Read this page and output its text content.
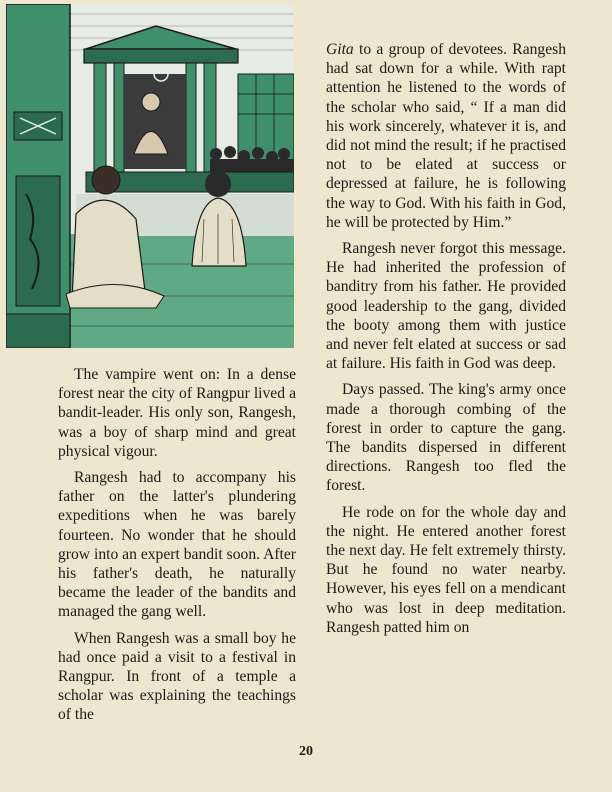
The vampire went on: In a dense forest near the city of Rangpur lived a bandit-leader. His only son, Rangesh, was a boy of sharp mind and great physical vigour.

Rangesh had to accompany his father on the latter's plundering expeditions when he was barely fourteen. No wonder that he should grow into an expert bandit soon. After his father's death, he naturally became the leader of the bandits and managed the gang well.

When Rangesh was a small boy he had once paid a visit to a festival in Rangpur. In front of a temple a scholar was explaining the teachings of the

Gita to a group of devotees. Rangesh had sat down for a while. With rapt attention he listened to the words of the scholar who said, “ If a man did his work sincerely, whatever it is, and did not mind the result; if he practised not to be elated at success or depressed at failure, he is following the way to God. With his faith in God, he will be protected by Him.”

Rangesh never forgot this message. He had inherited the profession of banditry from his father. He provided good leadership to the gang, divided the booty among them with justice and never felt elated at success or sad at failure. His faith in God was deep.

Days passed. The king's army once made a thorough combing of the forest in order to capture the gang. The bandits dispersed in different directions. Rangesh too fled the forest.

He rode on for the whole day and the night. He entered another forest the next day. He felt extremely thirsty. But he found no water nearby. However, his eyes fell on a mendicant who was lost in deep meditation. Rangesh patted him on

20
